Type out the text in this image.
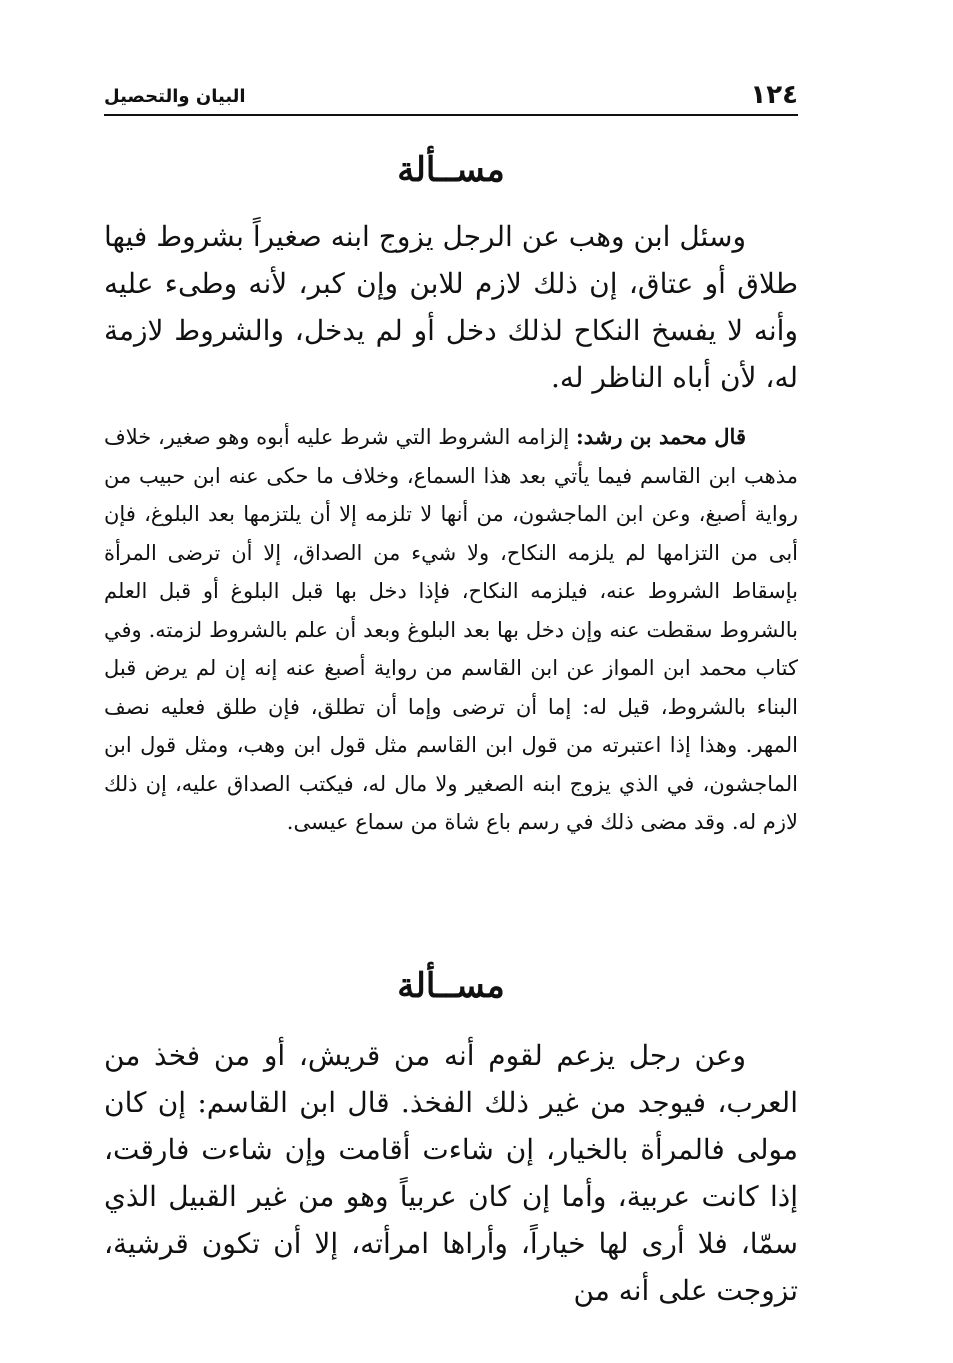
١٢٤
البيان والتحصيل
مســألة

وسئل ابن وهب عن الرجل يزوج ابنه صغيراً بشروط فيها طلاق أو عتاق، إن ذلك لازم للابن وإن كبر، لأنه وطىء عليه وأنه لا يفسخ النكاح لذلك دخل أو لم يدخل، والشروط لازمة له، لأن أباه الناظر له.

قال محمد بن رشد: إلزامه الشروط التي شرط عليه أبوه وهو صغير، خلاف مذهب ابن القاسم فيما يأتي بعد هذا السماع، وخلاف ما حكى عنه ابن حبيب من رواية أصبغ، وعن ابن الماجشون، من أنها لا تلزمه إلا أن يلتزمها بعد البلوغ، فإن أبى من التزامها لم يلزمه النكاح، ولا شيء من الصداق، إلا أن ترضى المرأة بإسقاط الشروط عنه، فيلزمه النكاح، فإذا دخل بها قبل البلوغ أو قبل العلم بالشروط سقطت عنه وإن دخل بها بعد البلوغ وبعد أن علم بالشروط لزمته. وفي كتاب محمد ابن المواز عن ابن القاسم من رواية أصبغ عنه إنه إن لم يرض قبل البناء بالشروط، قيل له: إما أن ترضى وإما أن تطلق، فإن طلق فعليه نصف المهر. وهذا إذا اعتبرته من قول ابن القاسم مثل قول ابن وهب، ومثل قول ابن الماجشون، في الذي يزوج ابنه الصغير ولا مال له، فيكتب الصداق عليه، إن ذلك لازم له. وقد مضى ذلك في رسم باع شاة من سماع عيسى.

مســألة

وعن رجل يزعم لقوم أنه من قريش، أو من فخذ من العرب، فيوجد من غير ذلك الفخذ. قال ابن القاسم: إن كان مولى فالمرأة بالخيار، إن شاءت أقامت وإن شاءت فارقت، إذا كانت عربية، وأما إن كان عربياً وهو من غير القبيل الذي سمّا، فلا أرى لها خياراً، وأراها امرأته، إلا أن تكون قرشية، تزوجت على أنه من
